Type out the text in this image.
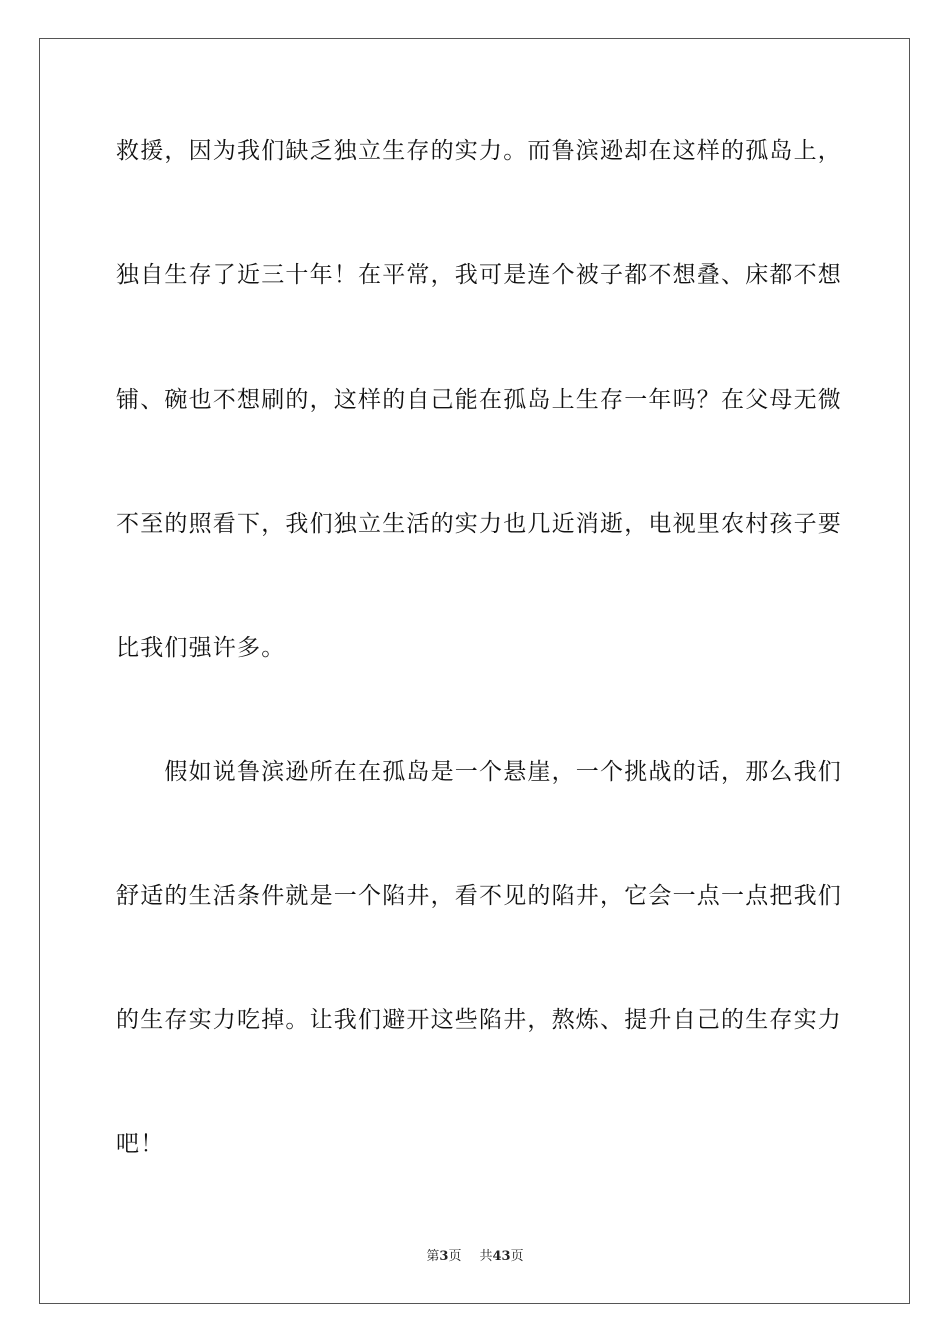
救援，因为我们缺乏独立生存的实力。而鲁滨逊却在这样的孤岛上，
独自生存了近三十年！在平常，我可是连个被子都不想叠、床都不想
铺、碗也不想刷的，这样的自己能在孤岛上生存一年吗？在父母无微
不至的照看下，我们独立生活的实力也几近消逝，电视里农村孩子要
比我们强许多。
　　假如说鲁滨逊所在在孤岛是一个悬崖，一个挑战的话，那么我们
舒适的生活条件就是一个陷井，看不见的陷井，它会一点一点把我们
的生存实力吃掉。让我们避开这些陷井，熬炼、提升自己的生存实力
吧！
第3页 共43页
